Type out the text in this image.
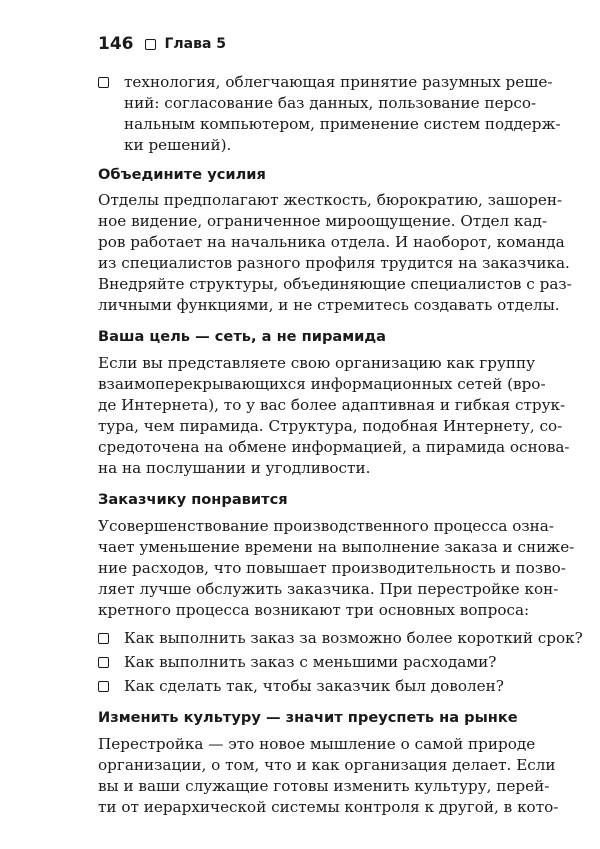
146 Глава 5
технология, облегчающая принятие разумных реше-
ний: согласование баз данных, пользование персо-
нальным компьютером, применение систем поддерж-
ки решений).
Объедините усилия
Отделы предполагают жесткость, бюрократию, зашорен-
ное видение, ограниченное мироощущение. Отдел кад-
ров работает на начальника отдела. И наоборот, команда
из специалистов разного профиля трудится на заказчика.
Внедряйте структуры, объединяющие специалистов с раз-
личными функциями, и не стремитесь создавать отделы.
Ваша цель — сеть, а не пирамида
Если вы представляете свою организацию как группу
взаимоперекрывающихся информационных сетей (вро-
де Интернета), то у вас более адаптивная и гибкая струк-
тура, чем пирамида. Структура, подобная Интернету, со-
средоточена на обмене информацией, а пирамида основа-
на на послушании и угодливости.
Заказчику понравится
Усовершенствование производственного процесса озна-
чает уменьшение времени на выполнение заказа и сниже-
ние расходов, что повышает производительность и позво-
ляет лучше обслужить заказчика. При перестройке кон-
кретного процесса возникают три основных вопроса:
Как выполнить заказ за возможно более короткий срок?
Как выполнить заказ с меньшими расходами?
Как сделать так, чтобы заказчик был доволен?
Изменить культуру — значит преуспеть на рынке
Перестройка — это новое мышление о самой природе
организации, о том, что и как организация делает. Если
вы и ваши служащие готовы изменить культуру, перей-
ти от иерархической системы контроля к другой, в кото-
